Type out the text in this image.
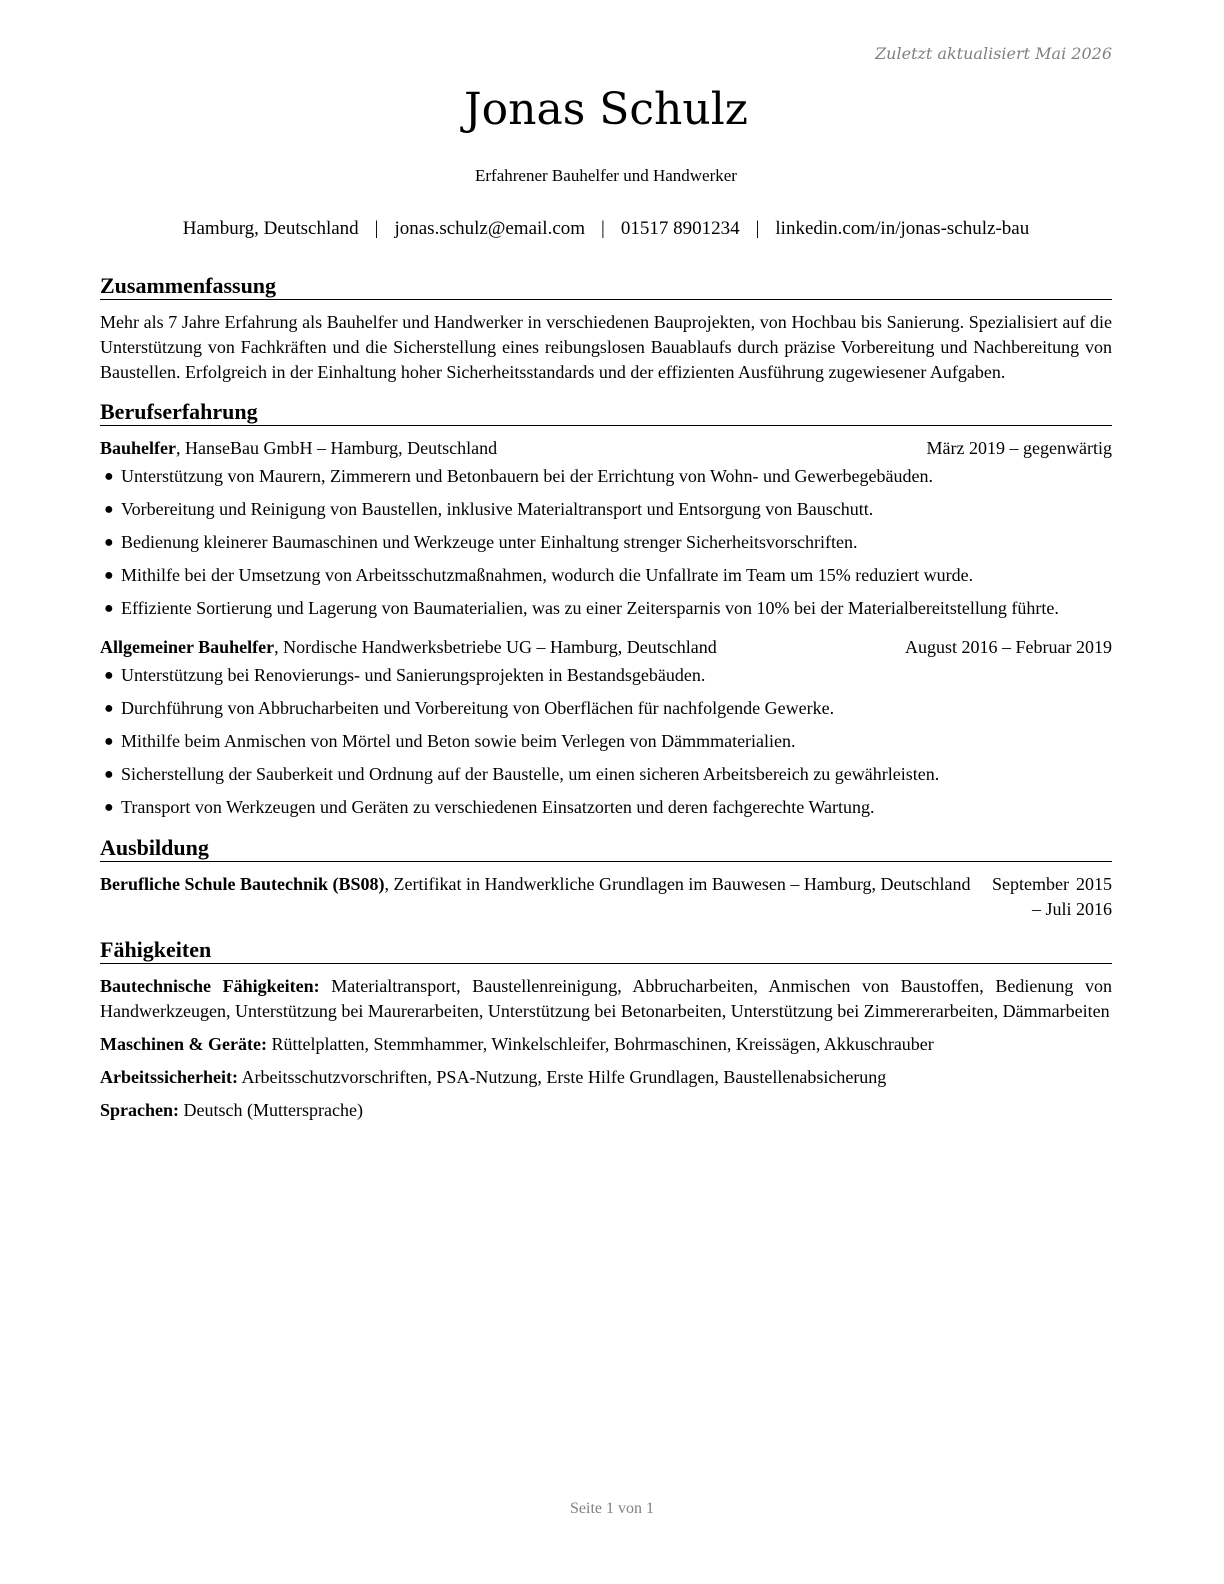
Zuletzt aktualisiert Mai 2026
Jonas Schulz
Erfahrener Bauhelfer und Handwerker
Hamburg, Deutschland | jonas.schulz@email.com | 01517 8901234 | linkedin.com/in/jonas-schulz-bau
Zusammenfassung

Mehr als 7 Jahre Erfahrung als Bauhelfer und Handwerker in verschiedenen Bauprojekten, von Hochbau bis Sanierung. Spezialisiert auf die Unterstützung von Fachkräften und die Sicherstellung eines reibungslosen Bauablaufs durch präzise Vorbereitung und Nachbereitung von Baustellen. Erfolgreich in der Einhaltung hoher Sicherheitsstandards und der effizienten Ausführung zugewiesener Aufgaben.

Berufserfahrung
Bauhelfer, HanseBau GmbH – Hamburg, Deutschland	März 2019 – gegenwärtig
● Unterstützung von Maurern, Zimmerern und Betonbauern bei der Errichtung von Wohn- und Gewerbegebäuden.
● Vorbereitung und Reinigung von Baustellen, inklusive Materialtransport und Entsorgung von Bauschutt.
● Bedienung kleinerer Baumaschinen und Werkzeuge unter Einhaltung strenger Sicherheitsvorschriften.
● Mithilfe bei der Umsetzung von Arbeitsschutzmaßnahmen, wodurch die Unfallrate im Team um 15% reduziert wurde.
● Effiziente Sortierung und Lagerung von Baumaterialien, was zu einer Zeitersparnis von 10% bei der Materialbereitstellung führte.
Allgemeiner Bauhelfer, Nordische Handwerksbetriebe UG – Hamburg, Deutschland	August 2016 – Februar 2019
● Unterstützung bei Renovierungs- und Sanierungsprojekten in Bestandsgebäuden.
● Durchführung von Abbrucharbeiten und Vorbereitung von Oberflächen für nachfolgende Gewerke.
● Mithilfe beim Anmischen von Mörtel und Beton sowie beim Verlegen von Dämmmaterialien.
● Sicherstellung der Sauberkeit und Ordnung auf der Baustelle, um einen sicheren Arbeitsbereich zu gewährleisten.
● Transport von Werkzeugen und Geräten zu verschiedenen Einsatzorten und deren fachgerechte Wartung.
Ausbildung
Berufliche Schule Bautechnik (BS08), Zertifikat in Handwerkliche Grundlagen im Bauwesen – Hamburg, Deutschland	September 2015 – Juli 2016
Fähigkeiten
Bautechnische Fähigkeiten: Materialtransport, Baustellenreinigung, Abbrucharbeiten, Anmischen von Baustoffen, Bedienung von Handwerkzeugen, Unterstützung bei Maurerarbeiten, Unterstützung bei Betonarbeiten, Unterstützung bei Zimmererarbeiten, Dämmarbeiten
Maschinen & Geräte: Rüttelplatten, Stemmhammer, Winkelschleifer, Bohrmaschinen, Kreissägen, Akkuschrauber
Arbeitssicherheit: Arbeitsschutzvorschriften, PSA-Nutzung, Erste Hilfe Grundlagen, Baustellenabsicherung
Sprachen: Deutsch (Muttersprache)
Seite 1 von 1
